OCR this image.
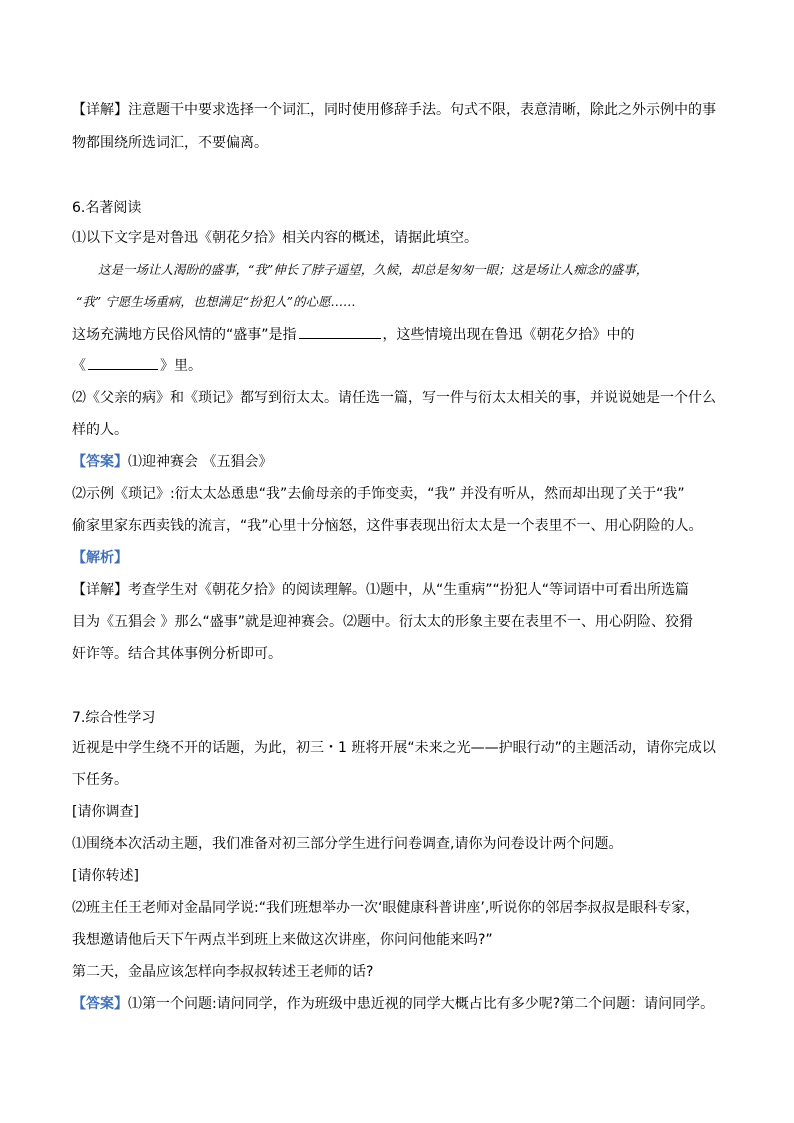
【详解】注意题干中要求选择一个词汇，同时使用修辞手法。句式不限，表意清晰，除此之外示例中的事
物都围绕所选词汇，不要偏离。
6.名著阅读
⑴以下文字是对鲁迅《朝花夕拾》相关内容的概述，请据此填空。
这是一场让人渴盼的盛事，“我”伸长了脖子遥望，久候，却总是匆匆一眼；这是场让人痴念的盛事，
“我” 宁愿生场重病，也想满足“扮犯人”的心愿……
这场充满地方民俗风情的“盛事”是指	，这些情境出现在鲁迅《朝花夕拾》中的
《	》里。
⑵《父亲的病》和《琐记》都写到衍太太。请任选一篇，写一件与衍太太相关的事，并说说她是一个什么
样的人。
【答案】⑴迎神赛会 《五猖会》
⑵示例《琐记》:衍太太怂恿患“我”去偷母亲的手饰变卖，“我” 并没有听从，然而却出现了关于“我”
偷家里家东西卖钱的流言，“我”心里十分恼怒，这件事表现出衍太太是一个表里不一、用心阴险的人。
【解析】
【详解】考查学生对《朝花夕拾》的阅读理解。⑴题中，从“生重病”“扮犯人“等词语中可看出所选篇
目为《五猖会 》那么“盛事”就是迎神赛会。⑵题中。衍太太的形象主要在表里不一、用心阴险、狡猾
奸诈等。结合其体事例分析即可。
7.综合性学习
近视是中学生绕不开的话题，为此，初三・1 班将开展“未来之光——护眼行动”的主题活动，请你完成以
下任务。
[请你调查]
⑴围绕本次活动主题，我们准备对初三部分学生进行问卷调查,请你为问卷设计两个问题。
[请你转述]
⑵班主任王老师对金晶同学说:“我们班想举办一次‘眼健康科普讲座’,听说你的邻居李叔叔是眼科专家，
我想邀请他后天下午两点半到班上来做这次讲座，你问问他能来吗?”
第二天，金晶应该怎样向李叔叔转述王老师的话?
【答案】⑴第一个问题:请问同学，作为班级中患近视的同学大概占比有多少呢?第二个问题：请问同学。
